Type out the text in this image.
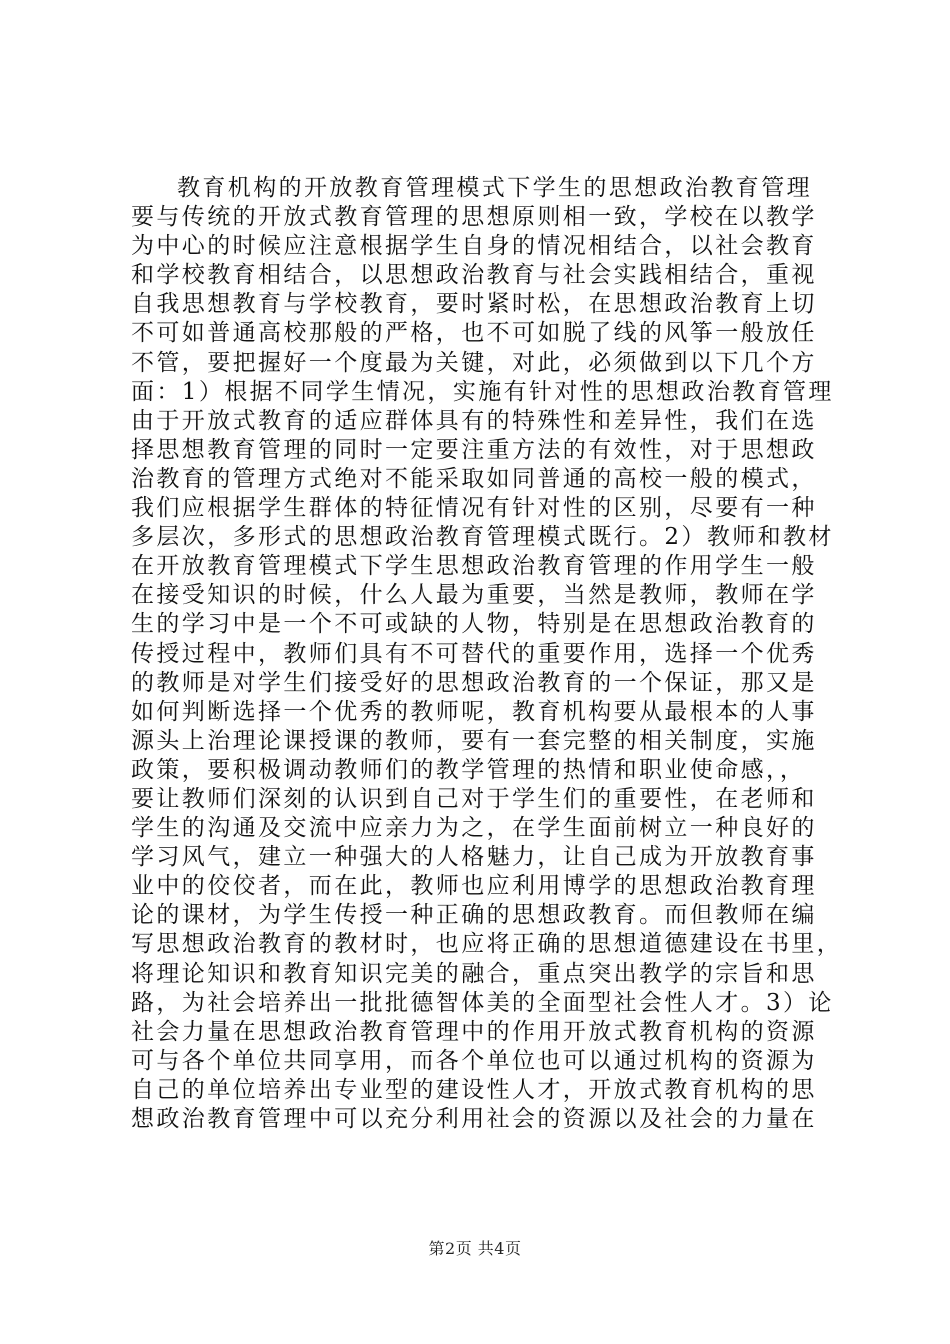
教育机构的开放教育管理模式下学生的思想政治教育管理
要与传统的开放式教育管理的思想原则相一致，学校在以教学
为中心的时候应注意根据学生自身的情况相结合，以社会教育
和学校教育相结合，以思想政治教育与社会实践相结合，重视
自我思想教育与学校教育，要时紧时松，在思想政治教育上切
不可如普通高校那般的严格，也不可如脱了线的风筝一般放任
不管，要把握好一个度最为关键，对此，必须做到以下几个方
面：1）根据不同学生情况，实施有针对性的思想政治教育管理
由于开放式教育的适应群体具有的特殊性和差异性，我们在选
择思想教育管理的同时一定要注重方法的有效性，对于思想政
治教育的管理方式绝对不能采取如同普通的高校一般的模式，
我们应根据学生群体的特征情况有针对性的区别，尽要有一种
多层次，多形式的思想政治教育管理模式既行。2）教师和教材
在开放教育管理模式下学生思想政治教育管理的作用学生一般
在接受知识的时候，什么人最为重要，当然是教师，教师在学
生的学习中是一个不可或缺的人物，特别是在思想政治教育的
传授过程中，教师们具有不可替代的重要作用，选择一个优秀
的教师是对学生们接受好的思想政治教育的一个保证，那又是
如何判断选择一个优秀的教师呢，教育机构要从最根本的人事
源头上治理论课授课的教师，要有一套完整的相关制度，实施
政策，要积极调动教师们的教学管理的热情和职业使命感，，
要让教师们深刻的认识到自己对于学生们的重要性，在老师和
学生的沟通及交流中应亲力为之，在学生面前树立一种良好的
学习风气，建立一种强大的人格魅力，让自己成为开放教育事
业中的佼佼者，而在此，教师也应利用博学的思想政治教育理
论的课材，为学生传授一种正确的思想政教育。而但教师在编
写思想政治教育的教材时，也应将正确的思想道德建设在书里，
将理论知识和教育知识完美的融合，重点突出教学的宗旨和思
路，为社会培养出一批批德智体美的全面型社会性人才。3）论
社会力量在思想政治教育管理中的作用开放式教育机构的资源
可与各个单位共同享用，而各个单位也可以通过机构的资源为
自己的单位培养出专业型的建设性人才，开放式教育机构的思
想政治教育管理中可以充分利用社会的资源以及社会的力量在
第2页 共4页
